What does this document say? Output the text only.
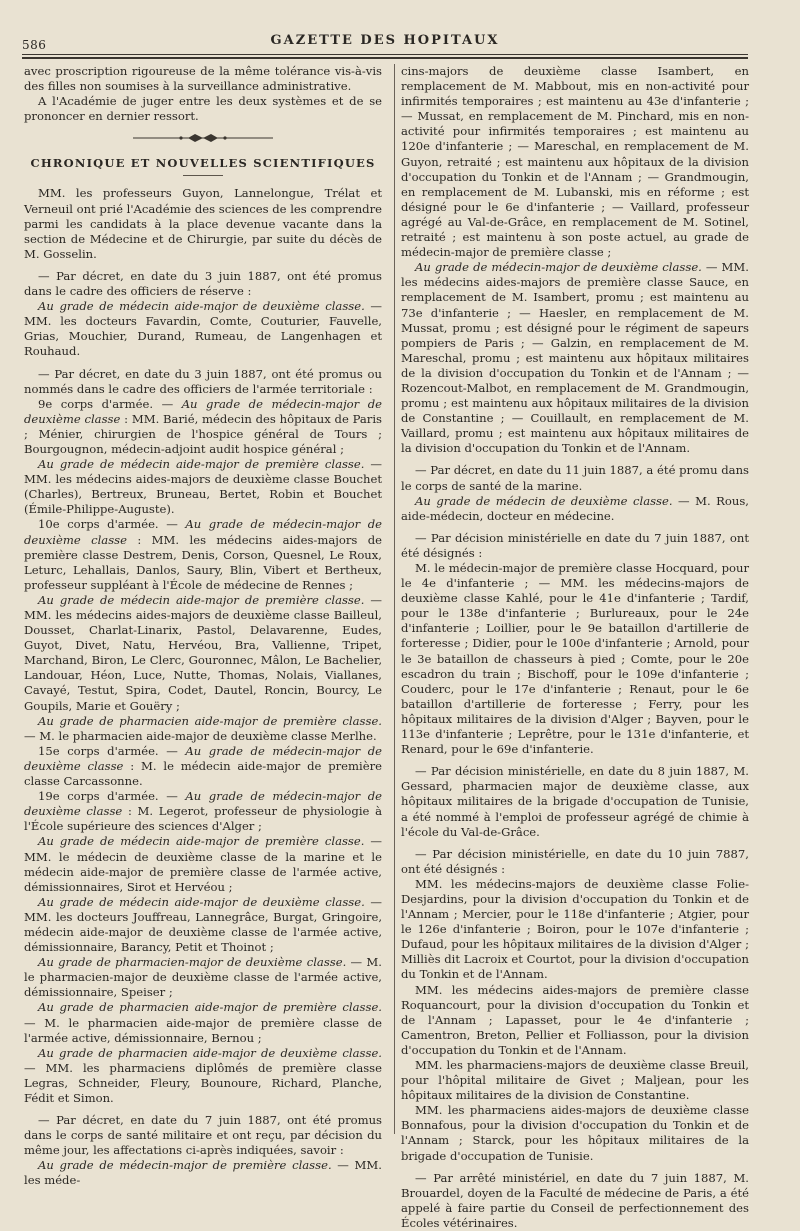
586	GAZETTE DES HOPITAUX

avec proscription rigoureuse de la même tolérance vis-à-vis des filles non soumises à la surveillance administrative.

A l'Académie de juger entre les deux systèmes et de se prononcer en dernier ressort.

CHRONIQUE ET NOUVELLES SCIENTIFIQUES

MM. les professeurs Guyon, Lannelongue, Trélat et Verneuil ont prié l'Académie des sciences de les comprendre parmi les candidats à la place devenue vacante dans la section de Médecine et de Chirurgie, par suite du décès de M. Gosselin.

— Par décret, en date du 3 juin 1887, ont été promus dans le cadre des officiers de réserve :

Au grade de médecin aide-major de deuxième classe. — MM. les docteurs Favardin, Comte, Couturier, Fauvelle, Grias, Mouchier, Durand, Rumeau, de Langenhagen et Rouhaud.

— Par décret, en date du 3 juin 1887, ont été promus ou nommés dans le cadre des officiers de l'armée territoriale :

9e corps d'armée. — Au grade de médecin-major de deuxième classe : MM. Barié, médecin des hôpitaux de Paris ; Ménier, chirurgien de l'hospice général de Tours ; Bourgougnon, médecin-adjoint audit hospice général ;

Au grade de médecin aide-major de première classe. — MM. les médecins aides-majors de deuxième classe Bouchet (Charles), Bertreux, Bruneau, Bertet, Robin et Bouchet (Émile-Philippe-Auguste).

10e corps d'armée. — Au grade de médecin-major de deuxième classe : MM. les médecins aides-majors de première classe Destrem, Denis, Corson, Quesnel, Le Roux, Leturc, Lehallais, Danlos, Saury, Blin, Vibert et Bertheux, professeur suppléant à l'École de médecine de Rennes ;

Au grade de médecin aide-major de première classe. — MM. les médecins aides-majors de deuxième classe Bailleul, Dousset, Charlat-Linarix, Pastol, Delavarenne, Eudes, Guyot, Divet, Natu, Hervéou, Bra, Vallienne, Tripet, Marchand, Biron, Le Clerc, Gouronnec, Mâlon, Le Bachelier, Landouar, Héon, Luce, Nutte, Thomas, Nolais, Viallanes, Cavayé, Testut, Spira, Codet, Dautel, Roncin, Bourcy, Le Goupils, Marie et Gouëry ;

Au grade de pharmacien aide-major de première classe. — M. le pharmacien aide-major de deuxième classe Merlhe.

15e corps d'armée. — Au grade de médecin-major de deuxième classe : M. le médecin aide-major de première classe Carcassonne.

19e corps d'armée. — Au grade de médecin-major de deuxième classe : M. Legerot, professeur de physiologie à l'École supérieure des sciences d'Alger ;

Au grade de médecin aide-major de première classe. — MM. le médecin de deuxième classe de la marine et le médecin aide-major de première classe de l'armée active, démissionnaires, Sirot et Hervéou ;

Au grade de médecin aide-major de deuxième classe. — MM. les docteurs Jouffreau, Lannegrâce, Burgat, Gringoire, médecin aide-major de deuxième classe de l'armée active, démissionnaire, Barancy, Petit et Thoinot ;

Au grade de pharmacien-major de deuxième classe. — M. le pharmacien-major de deuxième classe de l'armée active, démissionnaire, Speiser ;

Au grade de pharmacien aide-major de première classe. — M. le pharmacien aide-major de première classe de l'armée active, démissionnaire, Bernou ;

Au grade de pharmacien aide-major de deuxième classe. — MM. les pharmaciens diplômés de première classe Legras, Schneider, Fleury, Bounoure, Richard, Planche, Fédit et Simon.

— Par décret, en date du 7 juin 1887, ont été promus dans le corps de santé militaire et ont reçu, par décision du même jour, les affectations ci-après indiquées, savoir :

Au grade de médecin-major de première classe. — MM. les méde-

cins-majors de deuxième classe Isambert, en remplacement de M. Mabbout, mis en non-activité pour infirmités temporaires ; est maintenu au 43e d'infanterie ; — Mussat, en remplacement de M. Pinchard, mis en non-activité pour infirmités temporaires ; est maintenu au 120e d'infanterie ; — Mareschal, en remplacement de M. Guyon, retraité ; est maintenu aux hôpitaux de la division d'occupation du Tonkin et de l'Annam ; — Grandmougin, en remplacement de M. Lubanski, mis en réforme ; est désigné pour le 6e d'infanterie ; — Vaillard, professeur agrégé au Val-de-Grâce, en remplacement de M. Sotinel, retraité ; est maintenu à son poste actuel, au grade de médecin-major de première classe ;

Au grade de médecin-major de deuxième classe. — MM. les médecins aides-majors de première classe Sauce, en remplacement de M. Isambert, promu ; est maintenu au 73e d'infanterie ; — Haesler, en remplacement de M. Mussat, promu ; est désigné pour le régiment de sapeurs pompiers de Paris ; — Galzin, en remplacement de M. Mareschal, promu ; est maintenu aux hôpitaux militaires de la division d'occupation du Tonkin et de l'Annam ; — Rozencout-Malbot, en remplacement de M. Grandmougin, promu ; est maintenu aux hôpitaux militaires de la division de Constantine ; — Couillault, en remplacement de M. Vaillard, promu ; est maintenu aux hôpitaux militaires de la division d'occupation du Tonkin et de l'Annam.

— Par décret, en date du 11 juin 1887, a été promu dans le corps de santé de la marine.

Au grade de médecin de deuxième classe. — M. Rous, aide-médecin, docteur en médecine.

— Par décision ministérielle en date du 7 juin 1887, ont été désignés :

M. le médecin-major de première classe Hocquard, pour le 4e d'infanterie ; — MM. les médecins-majors de deuxième classe Kahlé, pour le 41e d'infanterie ; Tardif, pour le 138e d'infanterie ; Burlureaux, pour le 24e d'infanterie ; Loillier, pour le 9e bataillon d'artillerie de forteresse ; Didier, pour le 100e d'infanterie ; Arnold, pour le 3e bataillon de chasseurs à pied ; Comte, pour le 20e escadron du train ; Bischoff, pour le 109e d'infanterie ; Couderc, pour le 17e d'infanterie ; Renaut, pour le 6e bataillon d'artillerie de forteresse ; Ferry, pour les hôpitaux militaires de la division d'Alger ; Bayven, pour le 113e d'infanterie ; Leprêtre, pour le 131e d'infanterie, et Renard, pour le 69e d'infanterie.

— Par décision ministérielle, en date du 8 juin 1887, M. Gessard, pharmacien major de deuxième classe, aux hôpitaux militaires de la brigade d'occupation de Tunisie, a été nommé à l'emploi de professeur agrégé de chimie à l'école du Val-de-Grâce.

— Par décision ministérielle, en date du 10 juin 7887, ont été désignés :

MM. les médecins-majors de deuxième classe Folie-Desjardins, pour la division d'occupation du Tonkin et de l'Annam ; Mercier, pour le 118e d'infanterie ; Atgier, pour le 126e d'infanterie ; Boiron, pour le 107e d'infanterie ; Dufaud, pour les hôpitaux militaires de la division d'Alger ; Milliès dit Lacroix et Courtot, pour la division d'occupation du Tonkin et de l'Annam.

MM. les médecins aides-majors de première classe Roquancourt, pour la division d'occupation du Tonkin et de l'Annam ; Lapasset, pour le 4e d'infanterie ; Camentron, Breton, Pellier et Folliasson, pour la division d'occupation du Tonkin et de l'Annam.

MM. les pharmaciens-majors de deuxième classe Breuil, pour l'hôpital militaire de Givet ; Maljean, pour les hôpitaux militaires de la division de Constantine.

MM. les pharmaciens aides-majors de deuxième classe Bonnafous, pour la division d'occupation du Tonkin et de l'Annam ; Starck, pour les hôpitaux militaires de la brigade d'occupation de Tunisie.

— Par arrêté ministériel, en date du 7 juin 1887, M. Brouardel, doyen de la Faculté de médecine de Paris, a été appelé à faire partie du Conseil de perfectionnement des Écoles vétérinaires.
